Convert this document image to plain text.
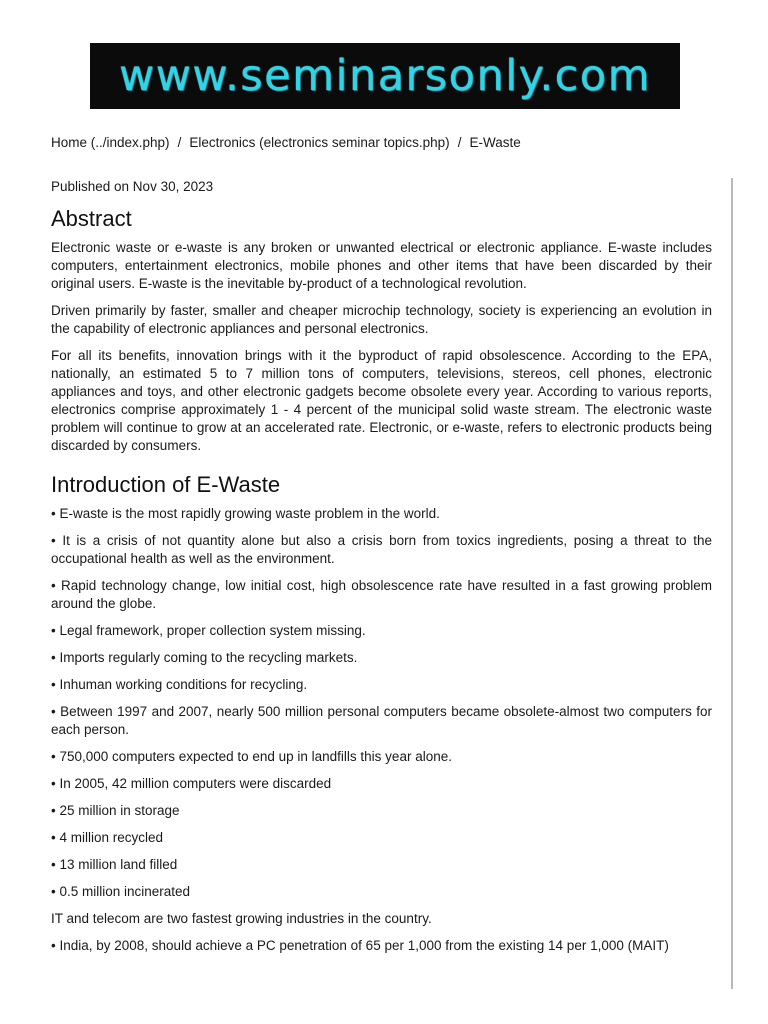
www.seminarsonly.com
Home (../index.php) / Electronics (electronics seminar topics.php) / E-Waste
Published on Nov 30, 2023
Abstract

Electronic waste or e-waste is any broken or unwanted electrical or electronic appliance. E-waste includes computers, entertainment electronics, mobile phones and other items that have been discarded by their original users. E-waste is the inevitable by-product of a technological revolution.

Driven primarily by faster, smaller and cheaper microchip technology, society is experiencing an evolution in the capability of electronic appliances and personal electronics.

For all its benefits, innovation brings with it the byproduct of rapid obsolescence. According to the EPA, nationally, an estimated 5 to 7 million tons of computers, televisions, stereos, cell phones, electronic appliances and toys, and other electronic gadgets become obsolete every year. According to various reports, electronics comprise approximately 1 - 4 percent of the municipal solid waste stream. The electronic waste problem will continue to grow at an accelerated rate. Electronic, or e-waste, refers to electronic products being discarded by consumers.

Introduction of E-Waste

• E-waste is the most rapidly growing waste problem in the world.

• It is a crisis of not quantity alone but also a crisis born from toxics ingredients, posing a threat to the occupational health as well as the environment.

• Rapid technology change, low initial cost, high obsolescence rate have resulted in a fast growing problem around the globe.

• Legal framework, proper collection system missing.

• Imports regularly coming to the recycling markets.

• Inhuman working conditions for recycling.

• Between 1997 and 2007, nearly 500 million personal computers became obsolete-almost two computers for each person.

• 750,000 computers expected to end up in landfills this year alone.

• In 2005, 42 million computers were discarded

• 25 million in storage

• 4 million recycled

• 13 million land filled

• 0.5 million incinerated

IT and telecom are two fastest growing industries in the country.

• India, by 2008, should achieve a PC penetration of 65 per 1,000 from the existing 14 per 1,000 (MAIT)
